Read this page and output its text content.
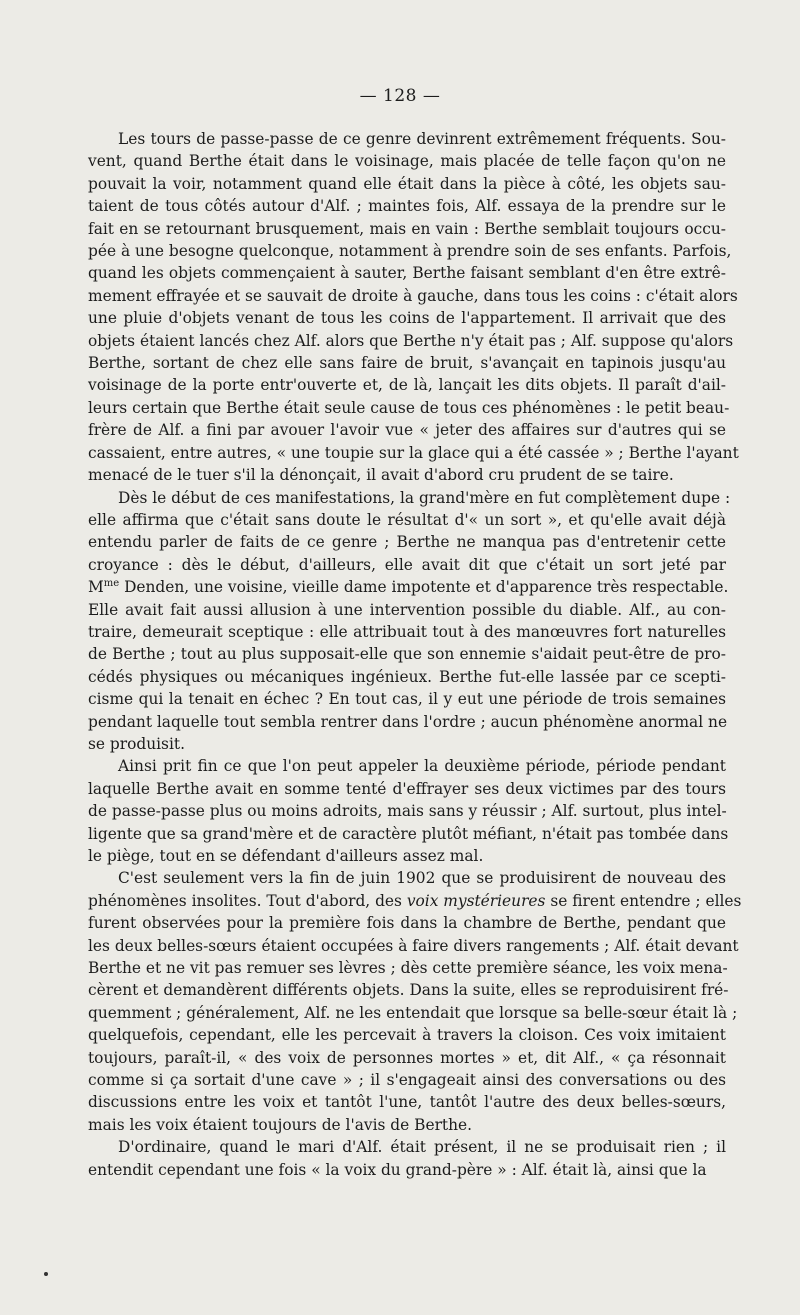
— 128 —
Les tours de passe-passe de ce genre devinrent extrêmement fréquents. Sou-
vent, quand Berthe était dans le voisinage, mais placée de telle façon qu'on ne
pouvait la voir, notamment quand elle était dans la pièce à côté, les objets sau-
taient de tous côtés autour d'Alf. ; maintes fois, Alf. essaya de la prendre sur le
fait en se retournant brusquement, mais en vain : Berthe semblait toujours occu-
pée à une besogne quelconque, notamment à prendre soin de ses enfants. Parfois,
quand les objets commençaient à sauter, Berthe faisant semblant d'en être extrê-
mement effrayée et se sauvait de droite à gauche, dans tous les coins : c'était alors
une pluie d'objets venant de tous les coins de l'appartement. Il arrivait que des
objets étaient lancés chez Alf. alors que Berthe n'y était pas ; Alf. suppose qu'alors
Berthe, sortant de chez elle sans faire de bruit, s'avançait en tapinois jusqu'au
voisinage de la porte entr'ouverte et, de là, lançait les dits objets. Il paraît d'ail-
leurs certain que Berthe était seule cause de tous ces phénomènes : le petit beau-
frère de Alf. a fini par avouer l'avoir vue « jeter des affaires sur d'autres qui se
cassaient, entre autres, « une toupie sur la glace qui a été cassée » ; Berthe l'ayant
menacé de le tuer s'il la dénonçait, il avait d'abord cru prudent de se taire.
Dès le début de ces manifestations, la grand'mère en fut complètement dupe :
elle affirma que c'était sans doute le résultat d'« un sort », et qu'elle avait déjà
entendu parler de faits de ce genre ; Berthe ne manqua pas d'entretenir cette
croyance : dès le début, d'ailleurs, elle avait dit que c'était un sort jeté par
$M^{me}$ Denden, une voisine, vieille dame impotente et d'apparence très respectable.
Elle avait fait aussi allusion à une intervention possible du diable. Alf., au con-
traire, demeurait sceptique : elle attribuait tout à des manœuvres fort naturelles
de Berthe ; tout au plus supposait-elle que son ennemie s'aidait peut-être de pro-
cédés physiques ou mécaniques ingénieux. Berthe fut-elle lassée par ce scepti-
cisme qui la tenait en échec ? En tout cas, il y eut une période de trois semaines
pendant laquelle tout sembla rentrer dans l'ordre ; aucun phénomène anormal ne
se produisit.
Ainsi prit fin ce que l'on peut appeler la deuxième période, période pendant
laquelle Berthe avait en somme tenté d'effrayer ses deux victimes par des tours
de passe-passe plus ou moins adroits, mais sans y réussir ; Alf. surtout, plus intel-
ligente que sa grand'mère et de caractère plutôt méfiant, n'était pas tombée dans
le piège, tout en se défendant d'ailleurs assez mal.
C'est seulement vers la fin de juin 1902 que se produisirent de nouveau des
phénomènes insolites. Tout d'abord, des voix mystérieures se firent entendre ; elles
furent observées pour la première fois dans la chambre de Berthe, pendant que
les deux belles-sœurs étaient occupées à faire divers rangements ; Alf. était devant
Berthe et ne vit pas remuer ses lèvres ; dès cette première séance, les voix mena-
cèrent et demandèrent différents objets. Dans la suite, elles se reproduisirent fré-
quemment ; généralement, Alf. ne les entendait que lorsque sa belle-sœur était là ;
quelquefois, cependant, elle les percevait à travers la cloison. Ces voix imitaient
toujours, paraît-il, « des voix de personnes mortes » et, dit Alf., « ça résonnait
comme si ça sortait d'une cave » ; il s'engageait ainsi des conversations ou des
discussions entre les voix et tantôt l'une, tantôt l'autre des deux belles-sœurs,
mais les voix étaient toujours de l'avis de Berthe.
D'ordinaire, quand le mari d'Alf. était présent, il ne se produisait rien ; il
entendit cependant une fois « la voix du grand-père » : Alf. était là, ainsi que la
